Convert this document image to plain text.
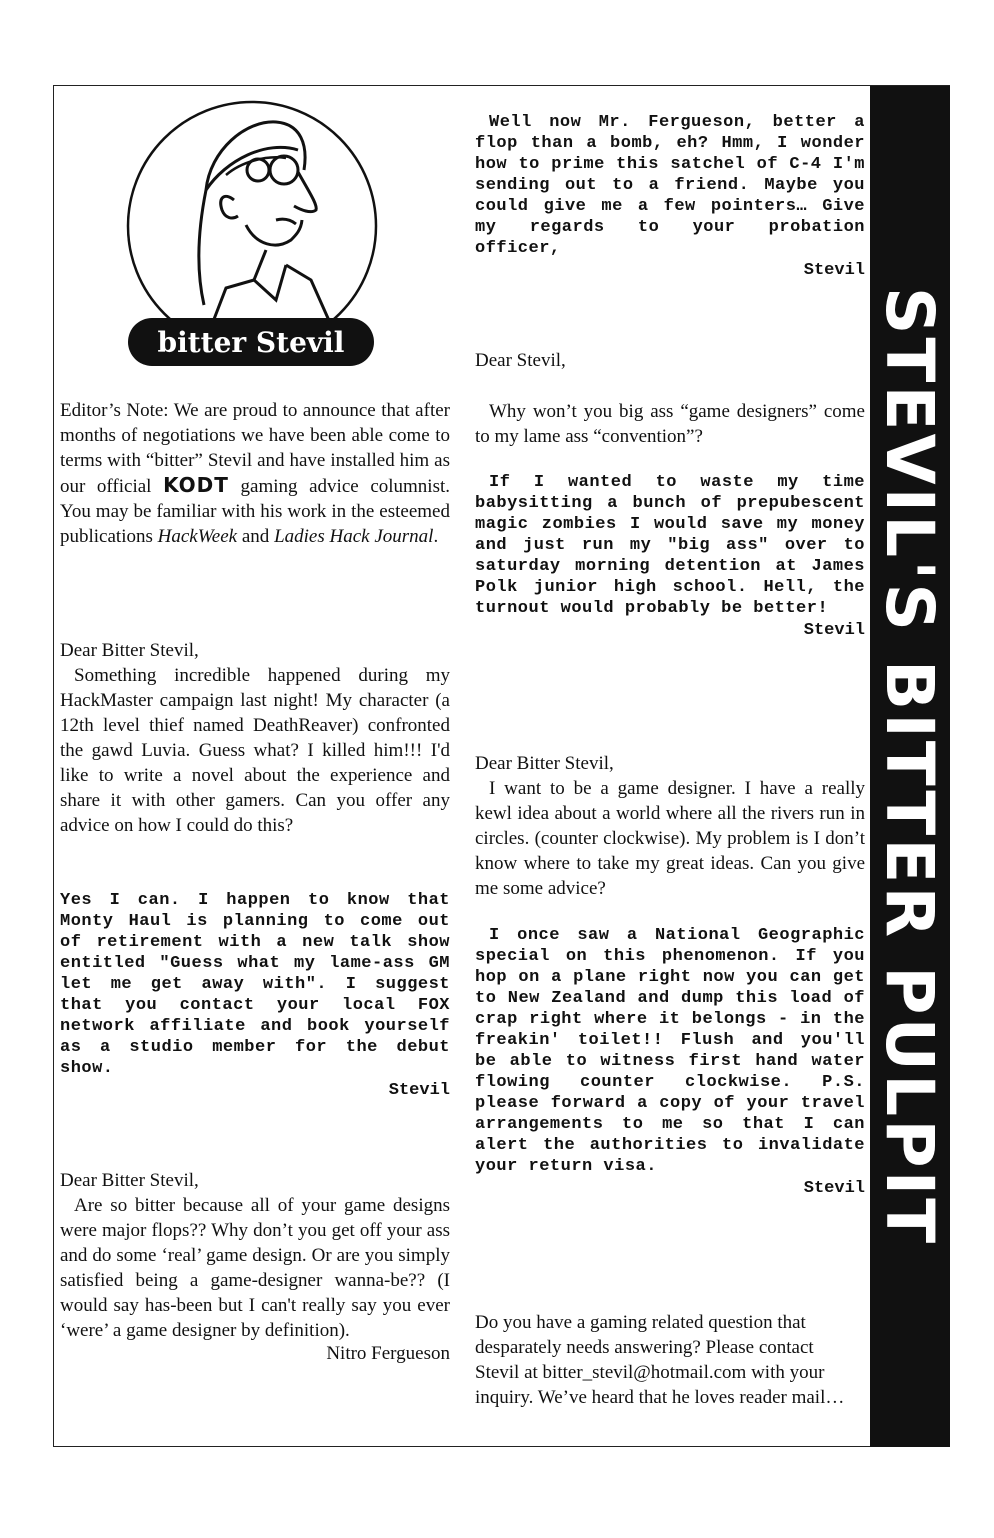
STEVIL'S BITTER PULPIT
bitter Stevil

Editor’s Note: We are proud to announce that after months of negotiations we have been able come to terms with “bitter” Stevil and have installed him as our official KODT gaming advice columnist. You may be familiar with his work in the esteemed publications HackWeek and Ladies Hack Journal.

Dear Bitter Stevil,

Something incredible happened during my HackMaster campaign last night! My character (a 12th level thief named DeathReaver) confronted the gawd Luvia. Guess what? I killed him!!! I'd like to write a novel about the experience and share it with other gamers. Can you offer any advice on how I could do this?

Yes I can. I happen to know that Monty Haul is planning to come out of retirement with a new talk show entitled "Guess what my lame-ass GM let me get away with". I suggest that you contact your local FOX network affiliate and book yourself as a studio member for the debut show.

Stevil

Dear Bitter Stevil,

Are so bitter because all of your game designs were major flops?? Why don’t you get off your ass and do some ‘real’ game design. Or are you simply satisfied being a game-designer wanna-be?? (I would say has-been but I can't really say you ever ‘were’ a game designer by definition).

Nitro Fergueson

Well now Mr. Fergueson, better a flop than a bomb, eh? Hmm, I wonder how to prime this satchel of C-4 I'm sending out to a friend. Maybe you could give me a few pointers… Give my regards to your probation officer,

Stevil

Dear Stevil,

Why won’t you big ass “game designers” come to my lame ass “convention”?

If I wanted to waste my time babysitting a bunch of prepubescent magic zombies I would save my money and just run my "big ass" over to saturday morning detention at James Polk junior high school. Hell, the turnout would probably be better!

Stevil

Dear Bitter Stevil,

I want to be a game designer. I have a really kewl idea about a world where all the rivers run in circles. (counter clockwise). My problem is I don’t know where to take my great ideas. Can you give me some advice?

I once saw a National Geographic special on this phenomenon. If you hop on a plane right now you can get to New Zealand and dump this load of crap right where it belongs - in the freakin' toilet!! Flush and you'll be able to witness first hand water flowing counter clockwise. P.S. please forward a copy of your travel arrangements to me so that I can alert the authorities to invalidate your return visa.

Stevil

Do you have a gaming related question that desparately needs answering? Please contact Stevil at bitter_stevil@hotmail.com with your inquiry. We’ve heard that he loves reader mail…
